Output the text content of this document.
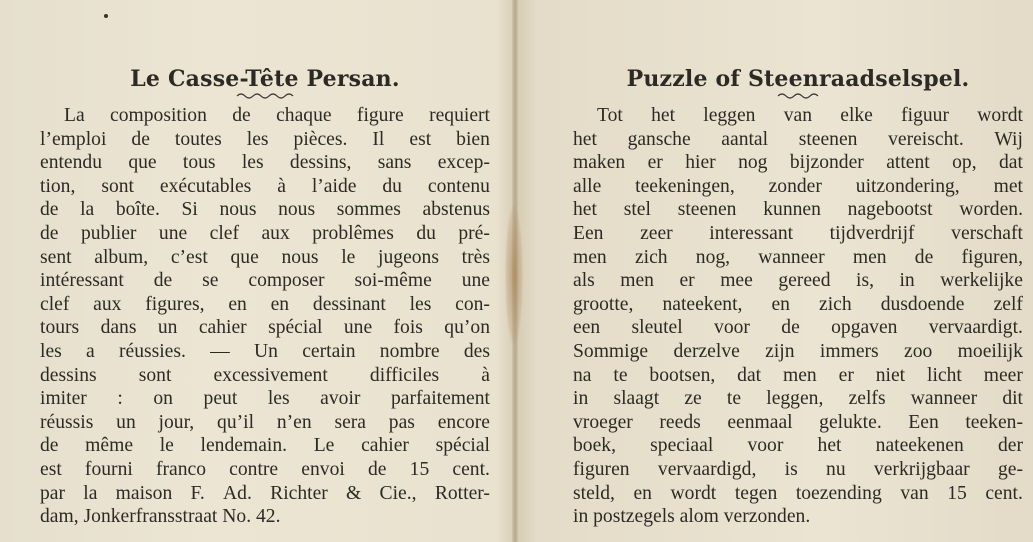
Le Casse-Tête Persan.
La composition de chaque figure requiert
l’emploi de toutes les pièces. Il est bien
entendu que tous les dessins, sans excep-
tion, sont exécutables à l’aide du contenu
de la boîte. Si nous nous sommes abstenus
de publier une clef aux problêmes du pré-
sent album, c’est que nous le jugeons très
intéressant de se composer soi-même une
clef aux figures, en en dessinant les con-
tours dans un cahier spécial une fois qu’on
les a réussies. — Un certain nombre des
dessins sont excessivement difficiles à
imiter : on peut les avoir parfaitement
réussis un jour, qu’il n’en sera pas encore
de même le lendemain. Le cahier spécial
est fourni franco contre envoi de 15 cent.
par la maison F. Ad. Richter & Cie., Rotter-
dam, Jonkerfransstraat No. 42.
Puzzle of Steenraadselspel.
Tot het leggen van elke figuur wordt
het gansche aantal steenen vereischt. Wij
maken er hier nog bijzonder attent op, dat
alle teekeningen, zonder uitzondering, met
het stel steenen kunnen nagebootst worden.
Een zeer interessant tijdverdrijf verschaft
men zich nog, wanneer men de figuren,
als men er mee gereed is, in werkelijke
grootte, nateekent, en zich dusdoende zelf
een sleutel voor de opgaven vervaardigt.
Sommige derzelve zijn immers zoo moeilijk
na te bootsen, dat men er niet licht meer
in slaagt ze te leggen, zelfs wanneer dit
vroeger reeds eenmaal gelukte. Een teeken-
boek, speciaal voor het nateekenen der
figuren vervaardigd, is nu verkrijgbaar ge-
steld, en wordt tegen toezending van 15 cent.
in postzegels alom verzonden.
